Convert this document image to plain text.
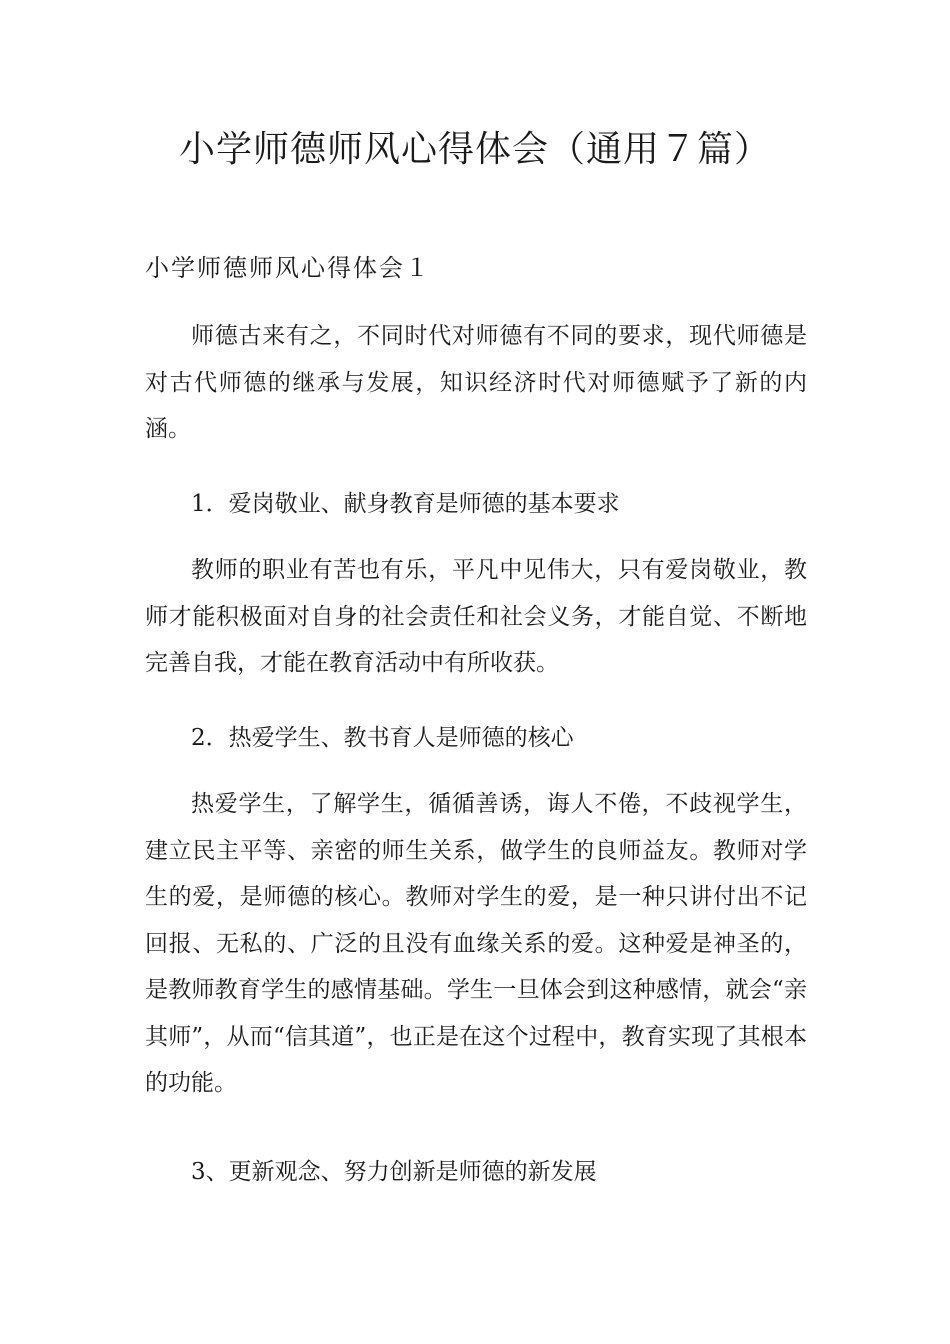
小学师德师风心得体会（通用７篇）
小学师德师风心得体会１

师德古来有之，不同时代对师德有不同的要求，现代师德是对古代师德的继承与发展，知识经济时代对师德赋予了新的内涵。

1．爱岗敬业、献身教育是师德的基本要求

教师的职业有苦也有乐，平凡中见伟大，只有爱岗敬业，教师才能积极面对自身的社会责任和社会义务，才能自觉、不断地完善自我，才能在教育活动中有所收获。

2．热爱学生、教书育人是师德的核心

热爱学生，了解学生，循循善诱，诲人不倦，不歧视学生，建立民主平等、亲密的师生关系，做学生的良师益友。教师对学生的爱，是师德的核心。教师对学生的爱，是一种只讲付出不记回报、无私的、广泛的且没有血缘关系的爱。这种爱是神圣的，是教师教育学生的感情基础。学生一旦体会到这种感情，就会“亲其师”，从而“信其道”，也正是在这个过程中，教育实现了其根本的功能。

3、更新观念、努力创新是师德的新发展
